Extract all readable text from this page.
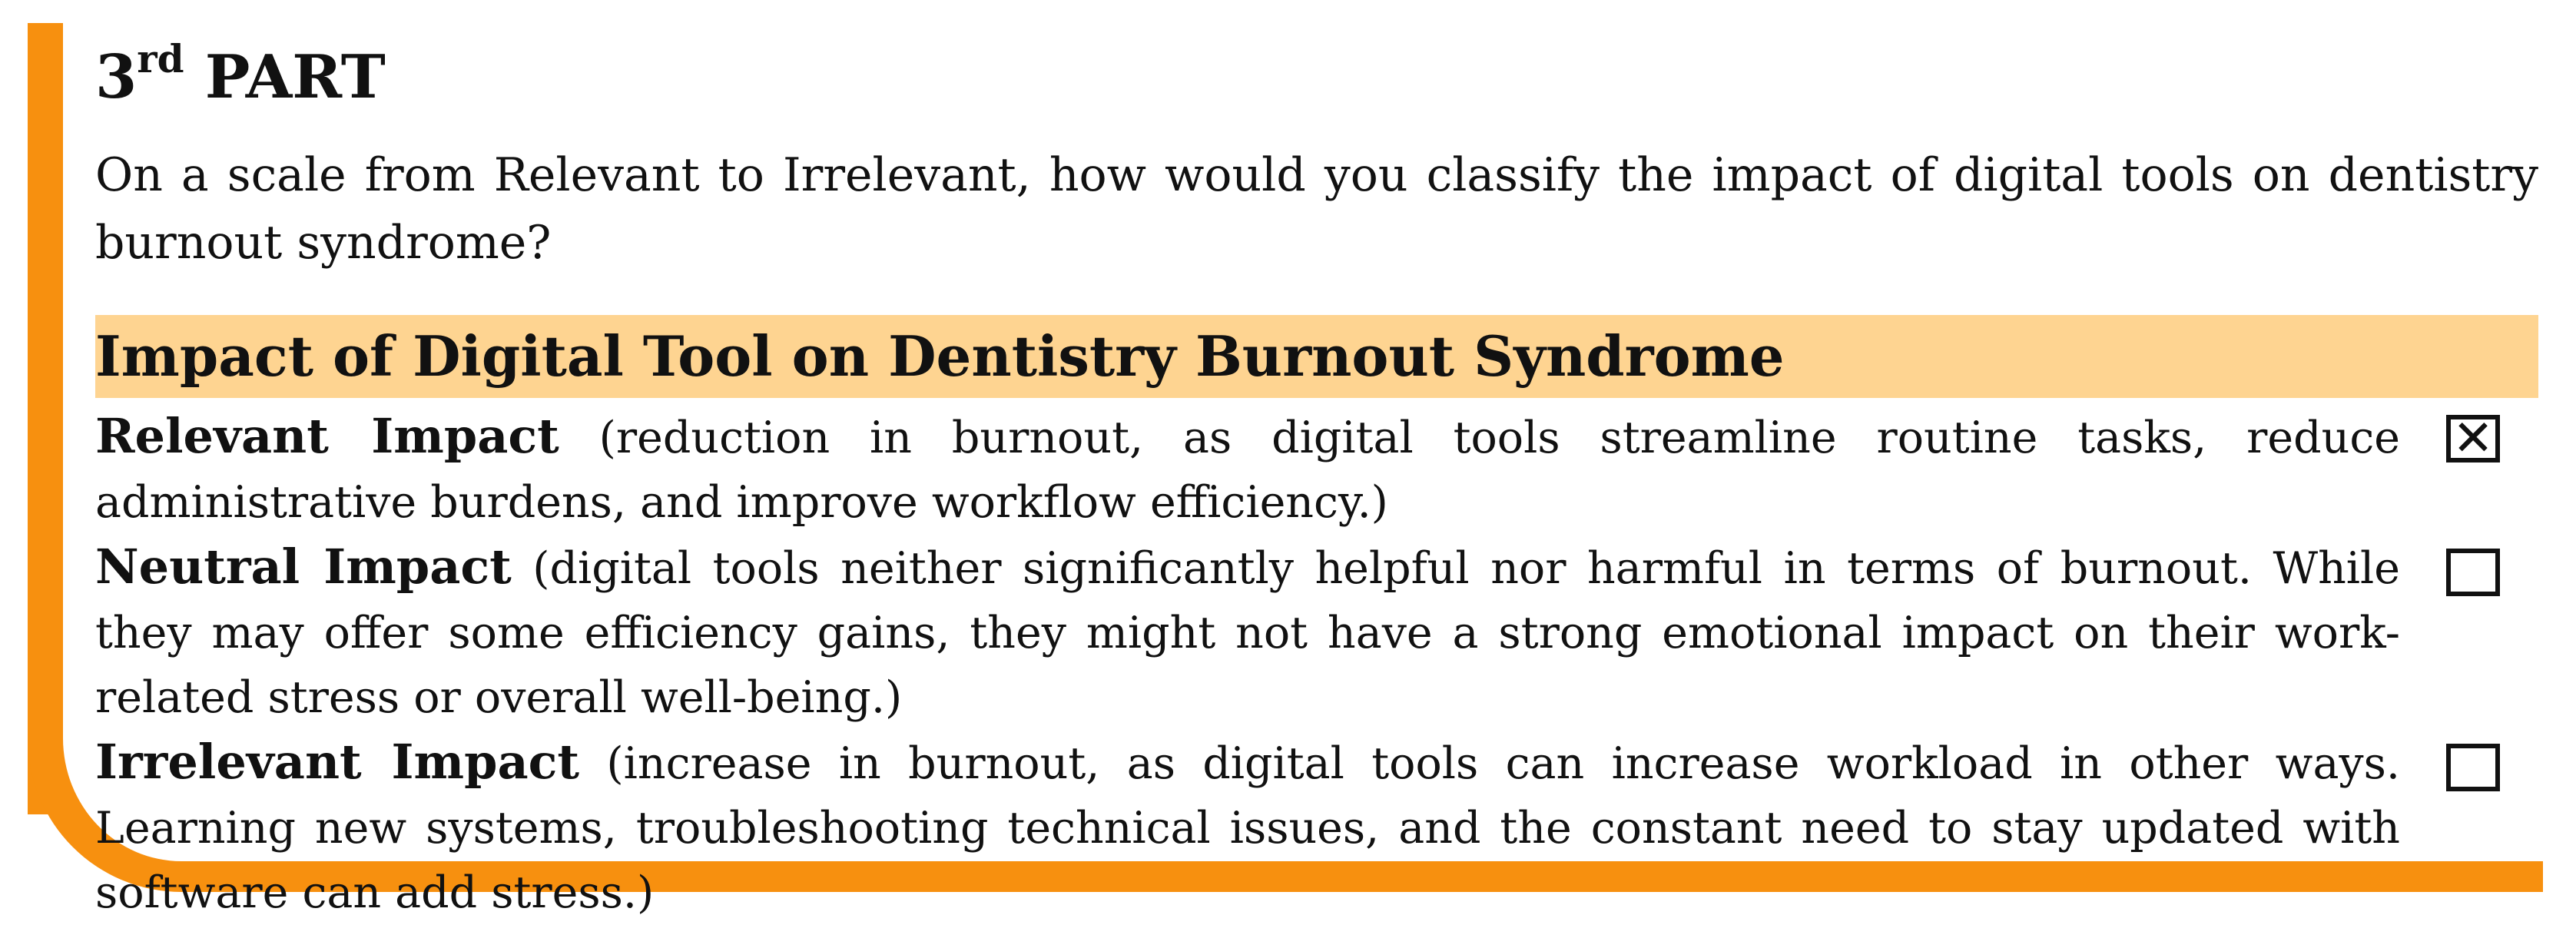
3rd PART

On a scale from Relevant to Irrelevant, how would you classify the impact of digital tools on dentistry burnout syndrome?

Impact of Digital Tool on Dentistry Burnout Syndrome
Relevant Impact (reduction in burnout, as digital tools streamline routine tasks, reduce administrative burdens, and improve workflow efficiency.)
✕
Neutral Impact (digital tools neither significantly helpful nor harmful in terms of burnout. While they may offer some efficiency gains, they might not have a strong emotional impact on their work-related stress or overall well-being.)
Irrelevant Impact (increase in burnout, as digital tools can increase workload in other ways. Learning new systems, troubleshooting technical issues, and the constant need to stay updated with software can add stress.)
